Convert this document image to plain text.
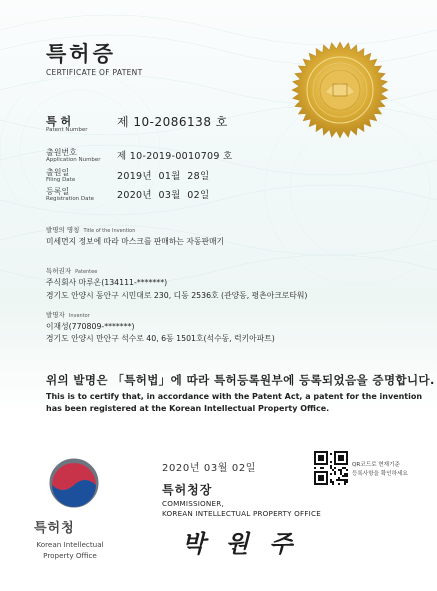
특허증
CERTIFICATE OF PATENT
특 허
Patent Number
제 10-2086138 호
출원번호
Application Number 제 10-2019-0010709 호
출원일
Filing Date	2019년  01월  28일
등록일
Registration Date 2020년  03월  02일
발명의 명칭 Title of the Invention
미세먼지 정보에 따라 마스크를 판매하는 자동판매기
특허권자 Patentee
주식회사 마루온(134111-*******)
경기도 안양시 동안구 시민대로 230, 디동 2536호 (관양동, 평촌아크로타워)
발명자 Inventor
이재성(770809-*******)
경기도 안양시 만안구 석수로 40, 6동 1501호(석수동, 럭키아파트)
위의 발명은 「특허법」에 따라 특허등록원부에 등록되었음을 증명합니다.
This is to certify that, in accordance with the Patent Act, a patent for the invention
has been registered at the Korean Intellectual Property Office.
특허청
Korean Intellectual
Property Office
2020년 03월 02일
특허청장
COMMISSIONER,
KOREAN INTELLECTUAL PROPERTY OFFICE
박 원 주
QR코드로 현재기준
등록사항을 확인하세요
